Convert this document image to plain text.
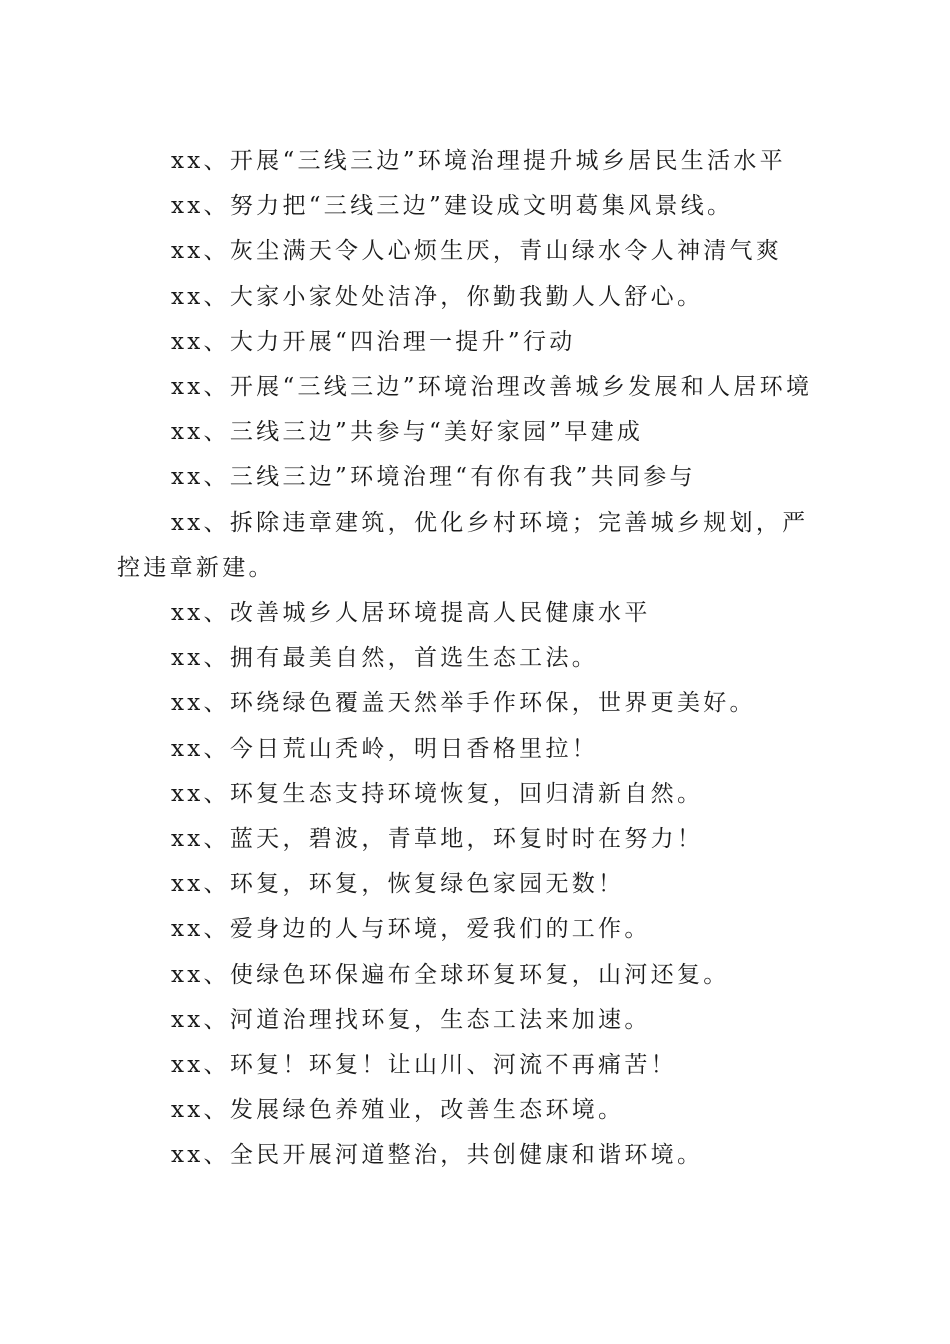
xx、开展“三线三边”环境治理提升城乡居民生活水平

xx、努力把“三线三边”建设成文明葛集风景线。

xx、灰尘满天令人心烦生厌，青山绿水令人神清气爽

xx、大家小家处处洁净，你勤我勤人人舒心。

xx、大力开展“四治理一提升”行动

xx、开展“三线三边”环境治理改善城乡发展和人居环境

xx、三线三边”共参与“美好家园”早建成

xx、三线三边”环境治理“有你有我”共同参与

xx、拆除违章建筑，优化乡村环境；完善城乡规划，严控违章新建。

xx、改善城乡人居环境提高人民健康水平

xx、拥有最美自然，首选生态工法。

xx、环绕绿色覆盖天然举手作环保，世界更美好。

xx、今日荒山秃岭，明日香格里拉！

xx、环复生态支持环境恢复，回归清新自然。

xx、蓝天，碧波，青草地，环复时时在努力！

xx、环复，环复，恢复绿色家园无数！

xx、爱身边的人与环境，爱我们的工作。

xx、使绿色环保遍布全球环复环复，山河还复。

xx、河道治理找环复，生态工法来加速。

xx、环复！环复！让山川、河流不再痛苦！

xx、发展绿色养殖业，改善生态环境。

xx、全民开展河道整治，共创健康和谐环境。
